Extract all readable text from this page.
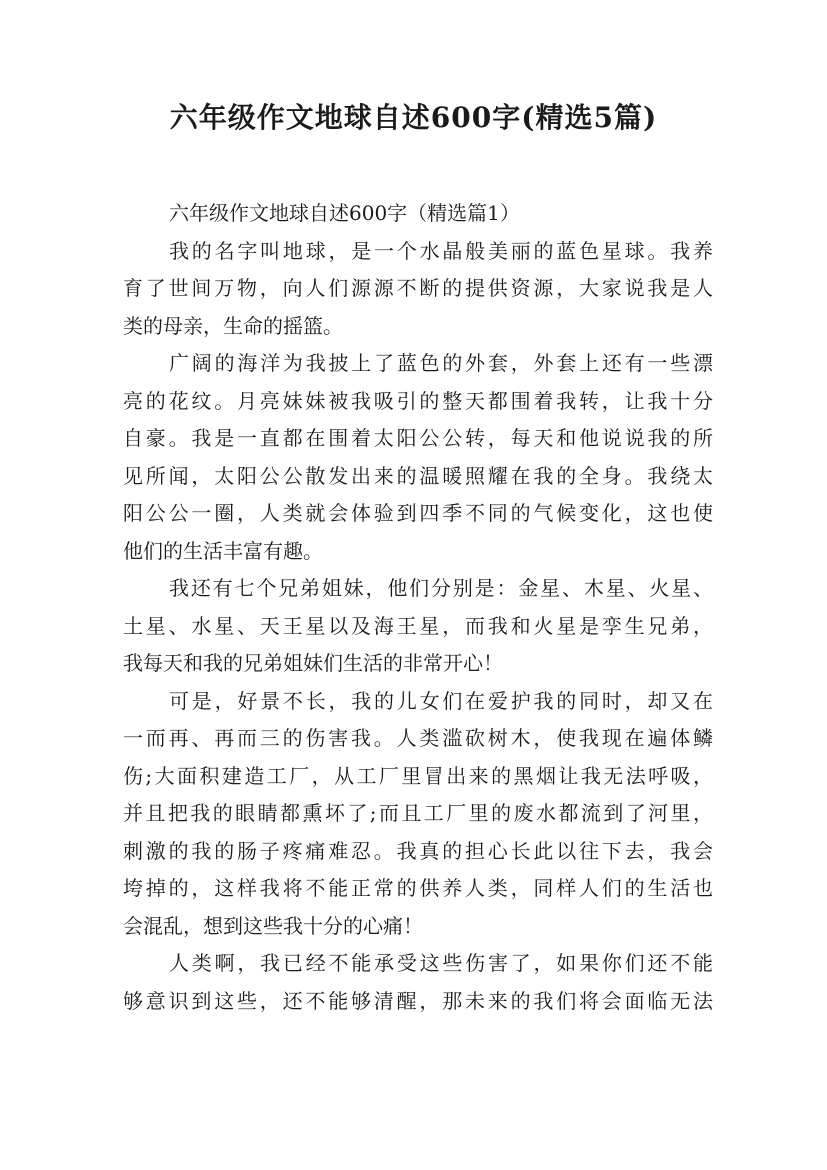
六年级作文地球自述600字(精选5篇)

六年级作文地球自述600字（精选篇1）

我的名字叫地球，是一个水晶般美丽的蓝色星球。我养
育了世间万物，向人们源源不断的提供资源，大家说我是人
类的母亲，生命的摇篮。
广阔的海洋为我披上了蓝色的外套，外套上还有一些漂
亮的花纹。月亮妹妹被我吸引的整天都围着我转，让我十分
自豪。我是一直都在围着太阳公公转，每天和他说说我的所
见所闻，太阳公公散发出来的温暖照耀在我的全身。我绕太
阳公公一圈，人类就会体验到四季不同的气候变化，这也使
他们的生活丰富有趣。
我还有七个兄弟姐妹，他们分别是：金星、木星、火星、
土星、水星、天王星以及海王星，而我和火星是孪生兄弟，
我每天和我的兄弟姐妹们生活的非常开心！
可是，好景不长，我的儿女们在爱护我的同时，却又在
一而再、再而三的伤害我。人类滥砍树木，使我现在遍体鳞
伤;大面积建造工厂，从工厂里冒出来的黑烟让我无法呼吸，
并且把我的眼睛都熏坏了;而且工厂里的废水都流到了河里，
刺激的我的肠子疼痛难忍。我真的担心长此以往下去，我会
垮掉的，这样我将不能正常的供养人类，同样人们的生活也
会混乱，想到这些我十分的心痛！
人类啊，我已经不能承受这些伤害了，如果你们还不能
够意识到这些，还不能够清醒，那未来的我们将会面临无法
